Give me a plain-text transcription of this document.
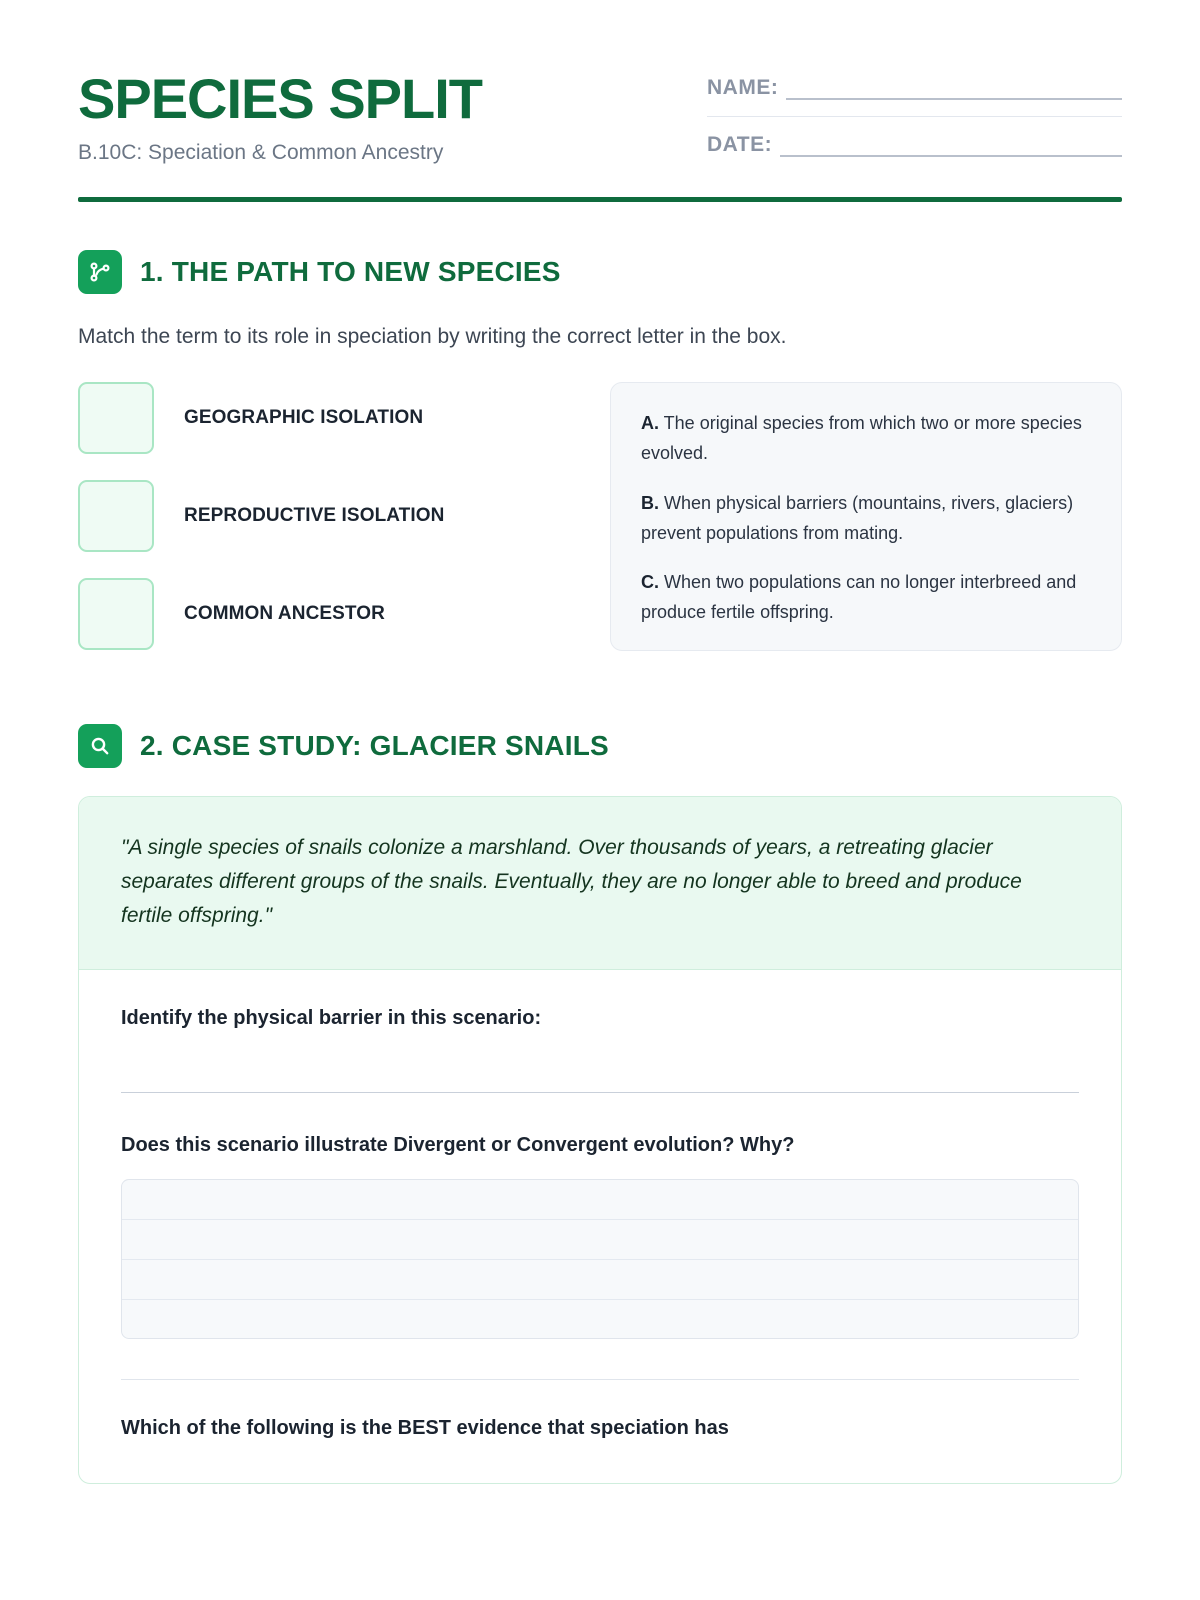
SPECIES SPLIT
B.10C: Speciation & Common Ancestry
NAME:
DATE:
1. THE PATH TO NEW SPECIES
Match the term to its role in speciation by writing the correct letter in the box.
GEOGRAPHIC ISOLATION
REPRODUCTIVE ISOLATION
COMMON ANCESTOR
A. The original species from which two or more species evolved.
B. When physical barriers (mountains, rivers, glaciers) prevent populations from mating.
C. When two populations can no longer interbreed and produce fertile offspring.
2. CASE STUDY: GLACIER SNAILS
"A single species of snails colonize a marshland. Over thousands of years, a retreating glacier separates different groups of the snails. Eventually, they are no longer able to breed and produce fertile offspring."
Identify the physical barrier in this scenario:
Does this scenario illustrate Divergent or Convergent evolution? Why?
Which of the following is the BEST evidence that speciation has
